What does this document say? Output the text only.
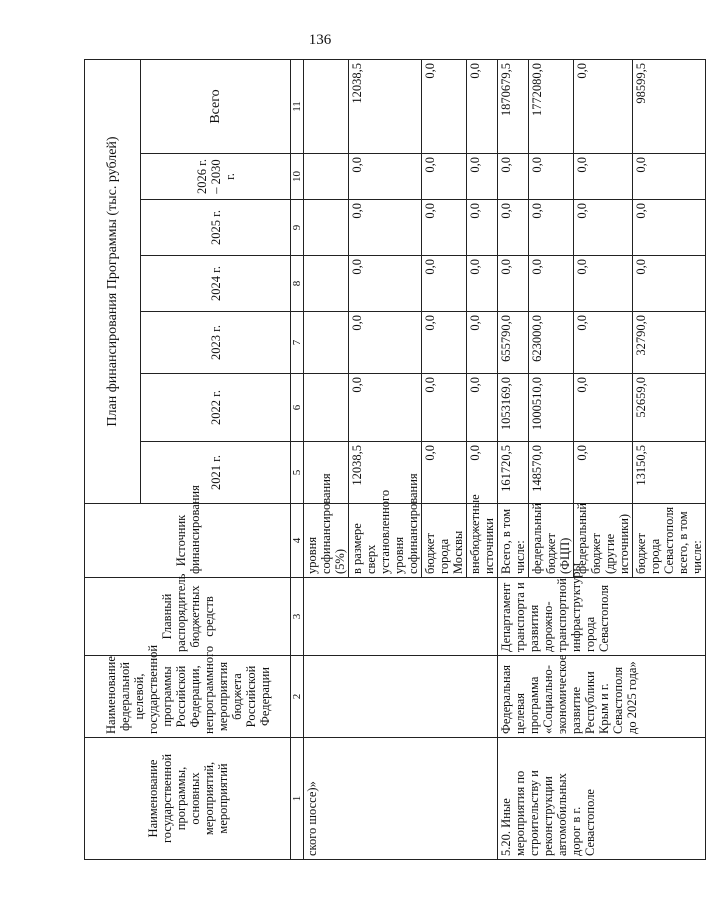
136
Наименование государственной программы, основных мероприятий, мероприятий	Наименование федеральной целевой, государственной программы Российской Федерации, непрограммного мероприятия бюджета Российской Федерации	Главный распорядитель бюджетных средств	Источник финансирования	План финансирования Программы (тыс. рублей)						
				2021 г.	2022 г.	2023 г.	2024 г.	2025 г.	2026 г. – 2030 г.	Всего
1	2	3	4	5	6	7	8	9	10	11
ского шоссе)»			уровня софинансирования (5%)							
			в размере сверх установленного уровня софинансирования	12038,5	0,0	0,0	0,0	0,0	0,0	12038,5
			бюджет города Москвы	0,0	0,0	0,0	0,0	0,0	0,0	0,0
			внебюджетные источники	0,0	0,0	0,0	0,0	0,0	0,0	0,0
5.20. Иные мероприятия по строительству и реконструкции автомобильных дорог в г. Севастополе	Федеральная целевая программа «Социально-экономическое развитие Республики Крым и г. Севастополя до 2025 года»	Департамент транспорта и развития дорожно-транспортной инфраструктуры города Севастополя	Всего, в том числе:	161720,5	1053169,0	655790,0	0,0	0,0	0,0	1870679,5
			федеральный бюджет (ФЦП)	148570,0	1000510,0	623000,0	0,0	0,0	0,0	1772080,0
			федеральный бюджет (другие источники)	0,0	0,0	0,0	0,0	0,0	0,0	0,0
			бюджет города Севастополя всего, в том числе:	13150,5	52659,0	32790,0	0,0	0,0	0,0	98599,5
